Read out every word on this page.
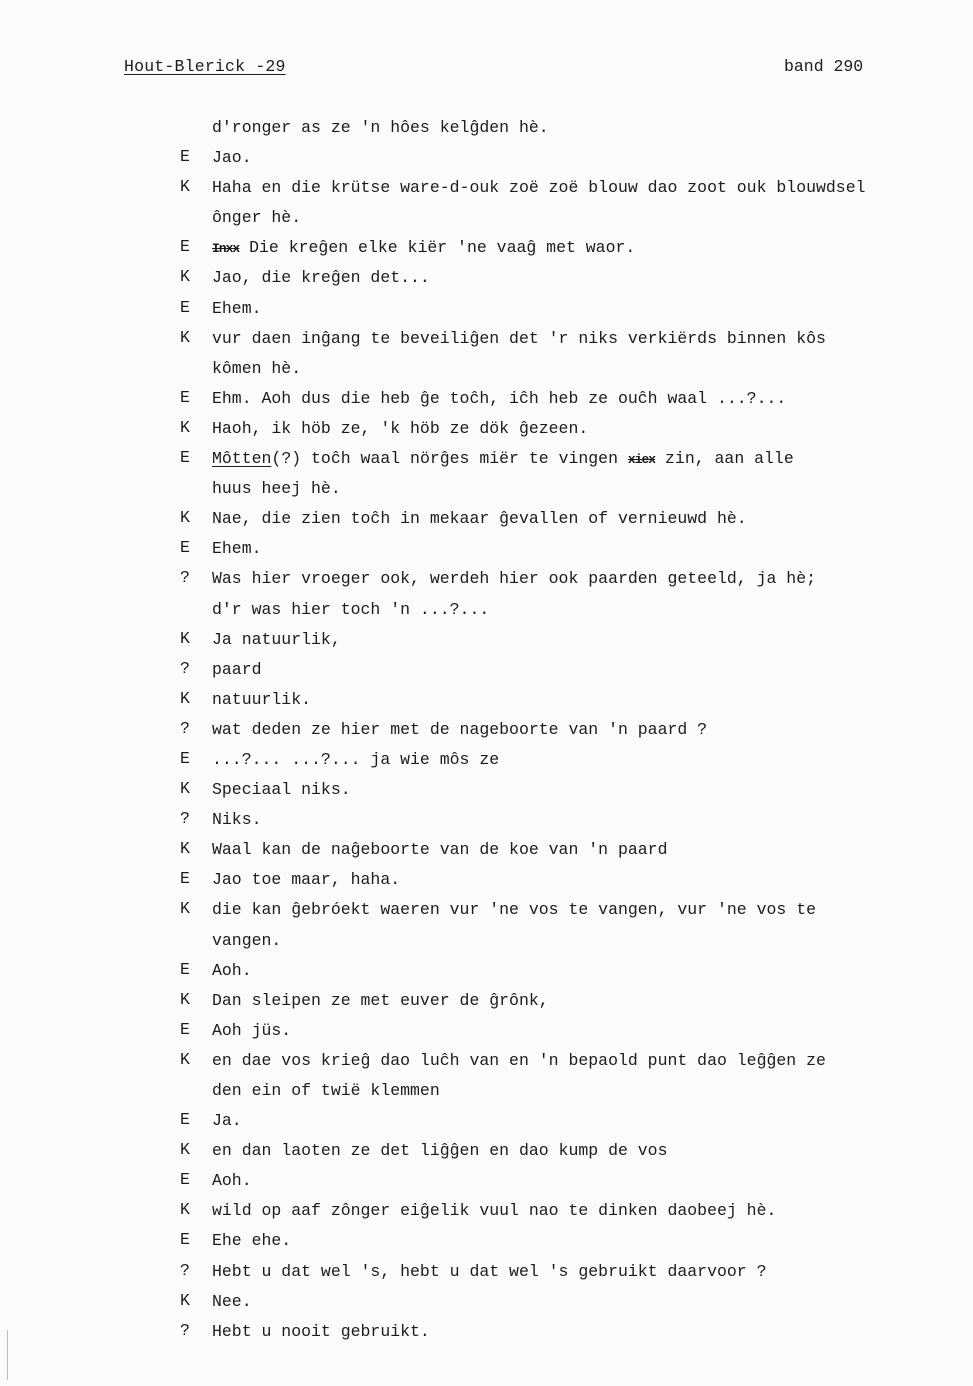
Hout-Blerick -29	band 290
d'ronger as ze 'n hôes kelĝden hè.
E	Jao.
K	Haha en die krütse ware-d-ouk zoë zoë blouw dao zoot ouk blouwdsel
ônger hè.
E	Inxx Die kreĝen elke kiër 'ne vaaĝ met waor.
K	Jao, die kreĝen det...
E	Ehem.
K	vur daen inĝang te beveiliĝen det 'r niks verkiërds binnen kôs
kômen hè.
E	Ehm. Aoh dus die heb ĝe toĉh, iĉh heb ze ouĉh waal ...?...
K	Haoh, ik höb ze, 'k höb ze dök ĝezeen.
E	Môtten(?) toĉh waal nörĝes miër te vingen xiex zin, aan alle
huus heej hè.
K	Nae, die zien toĉh in mekaar ĝevallen of vernieuwd hè.
E	Ehem.
?	Was hier vroeger ook, werdeh hier ook paarden geteeld, ja hè;
d'r was hier toch 'n ...?...
K	Ja natuurlik,
?	paard
K	natuurlik.
?	wat deden ze hier met de nageboorte van 'n paard ?
E	...?... ...?... ja wie môs ze
K	Speciaal niks.
?	Niks.
K	Waal kan de naĝeboorte van de koe van 'n paard
E	Jao toe maar, haha.
K	die kan ĝebróekt waeren vur 'ne vos te vangen, vur 'ne vos te
vangen.
E	Aoh.
K	Dan sleipen ze met euver de ĝrônk,
E	Aoh jüs.
K	en dae vos krieĝ dao luĉh van en 'n bepaold punt dao leĝĝen ze
den ein of twië klemmen
E	Ja.
K	en dan laoten ze det liĝĝen en dao kump de vos
E	Aoh.
K	wild op aaf zônger eiĝelik vuul nao te dinken daobeej hè.
E	Ehe ehe.
?	Hebt u dat wel 's, hebt u dat wel 's gebruikt daarvoor ?
K	Nee.
?	Hebt u nooit gebruikt.
